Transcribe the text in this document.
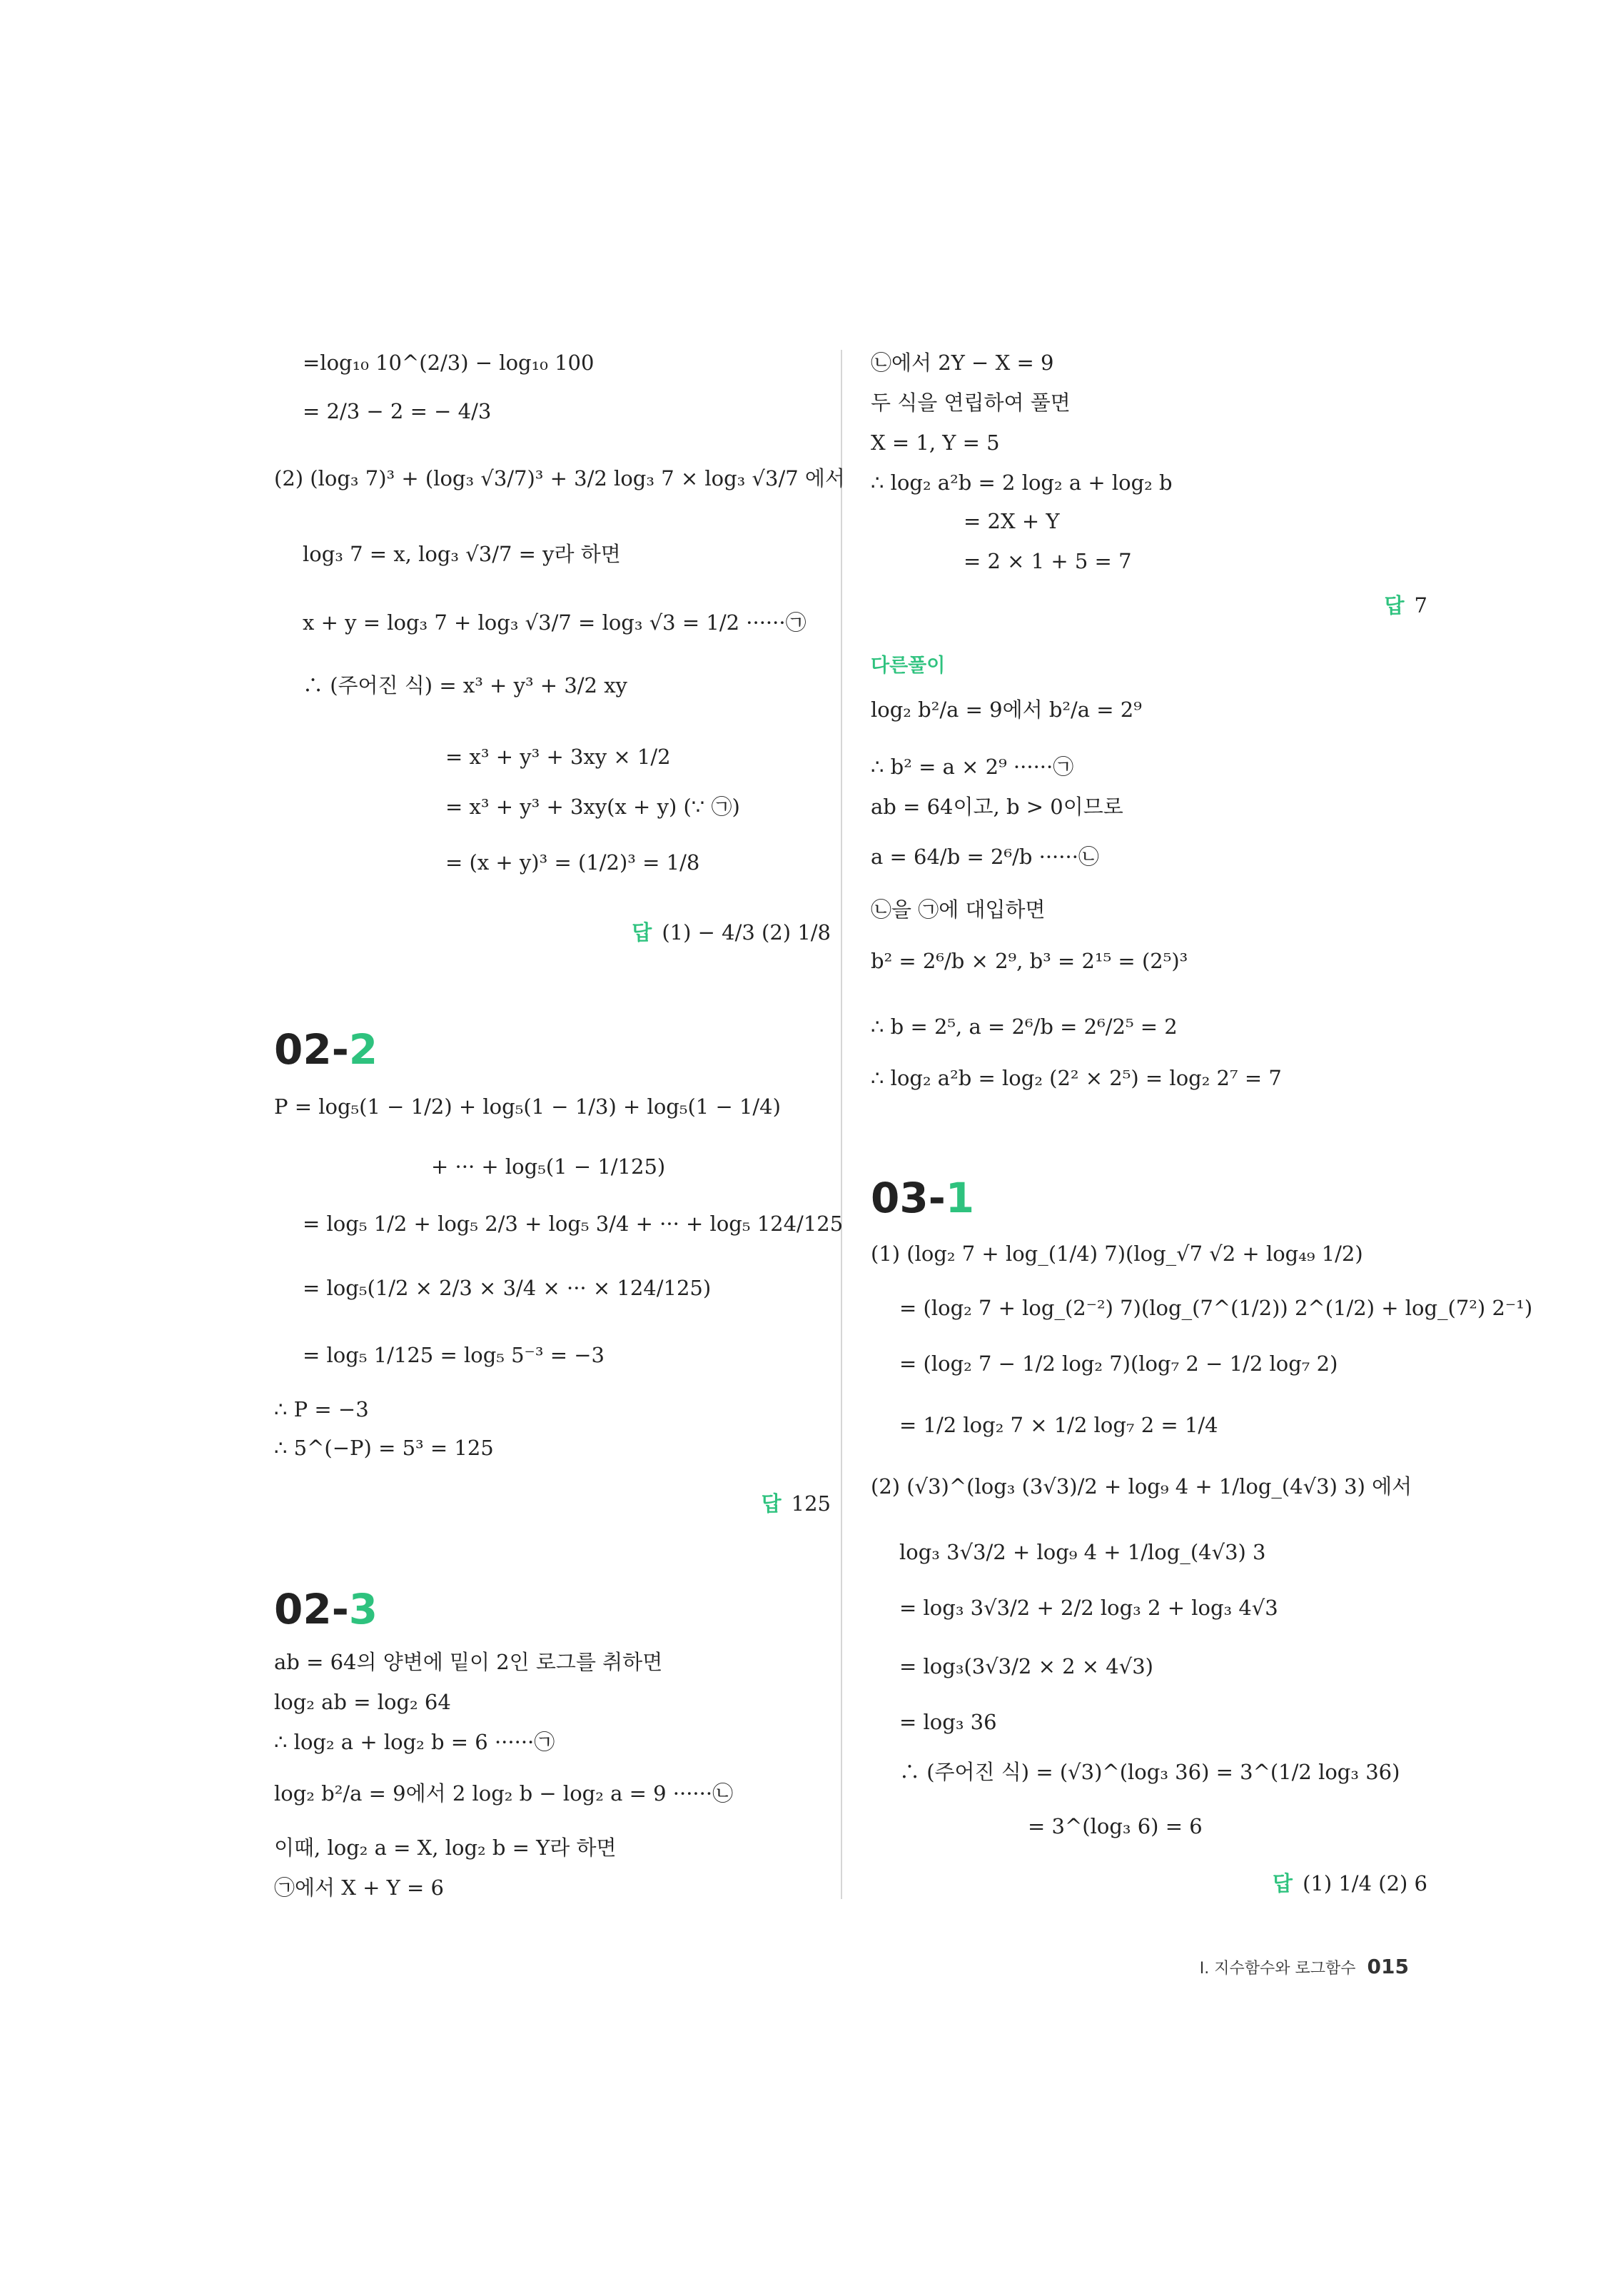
=log₁₀ 10^(2/3) − log₁₀ 100
= 2/3 − 2 = − 4/3
(2) (log₃ 7)³ + (log₃ √3/7)³ + 3/2 log₃ 7 × log₃ √3/7 에서
log₃ 7 = x, log₃ √3/7 = y라 하면
x + y = log₃ 7 + log₃ √3/7 = log₃ √3 = 1/2 ······㉠
∴ (주어진 식) = x³ + y³ + 3/2 xy
= x³ + y³ + 3xy × 1/2
= x³ + y³ + 3xy(x + y) (∵ ㉠)
= (x + y)³ = (1/2)³ = 1/8
답 (1) − 4/3 (2) 1/8
02-2
P = log₅(1 − 1/2) + log₅(1 − 1/3) + log₅(1 − 1/4)
+ ··· + log₅(1 − 1/125)
= log₅ 1/2 + log₅ 2/3 + log₅ 3/4 + ··· + log₅ 124/125
= log₅(1/2 × 2/3 × 3/4 × ··· × 124/125)
= log₅ 1/125 = log₅ 5⁻³ = −3
∴ P = −3
∴ 5^(−P) = 5³ = 125
답 125
02-3
ab = 64의 양변에 밑이 2인 로그를 취하면
log₂ ab = log₂ 64
∴ log₂ a + log₂ b = 6 ······㉠
log₂ b²/a = 9에서 2 log₂ b − log₂ a = 9 ······㉡
이때, log₂ a = X, log₂ b = Y라 하면
㉠에서 X + Y = 6
㉡에서 2Y − X = 9
두 식을 연립하여 풀면
X = 1, Y = 5
∴ log₂ a²b = 2 log₂ a + log₂ b
= 2X + Y
= 2 × 1 + 5 = 7
답 7
다른풀이
log₂ b²/a = 9에서 b²/a = 2⁹
∴ b² = a × 2⁹ ······㉠
ab = 64이고, b > 0이므로
a = 64/b = 2⁶/b ······㉡
㉡을 ㉠에 대입하면
b² = 2⁶/b × 2⁹, b³ = 2¹⁵ = (2⁵)³
∴ b = 2⁵, a = 2⁶/b = 2⁶/2⁵ = 2
∴ log₂ a²b = log₂ (2² × 2⁵) = log₂ 2⁷ = 7
03-1
(1) (log₂ 7 + log_(1/4) 7)(log_√7 √2 + log₄₉ 1/2)
= (log₂ 7 + log_(2⁻²) 7)(log_(7^(1/2)) 2^(1/2) + log_(7²) 2⁻¹)
= (log₂ 7 − 1/2 log₂ 7)(log₇ 2 − 1/2 log₇ 2)
= 1/2 log₂ 7 × 1/2 log₇ 2 = 1/4
(2) (√3)^(log₃ (3√3)/2 + log₉ 4 + 1/log_(4√3) 3) 에서
log₃ 3√3/2 + log₉ 4 + 1/log_(4√3) 3
= log₃ 3√3/2 + 2/2 log₃ 2 + log₃ 4√3
= log₃(3√3/2 × 2 × 4√3)
= log₃ 36
∴ (주어진 식) = (√3)^(log₃ 36) = 3^(1/2 log₃ 36)
= 3^(log₃ 6) = 6
답 (1) 1/4 (2) 6
I. 지수함수와 로그함수 015
